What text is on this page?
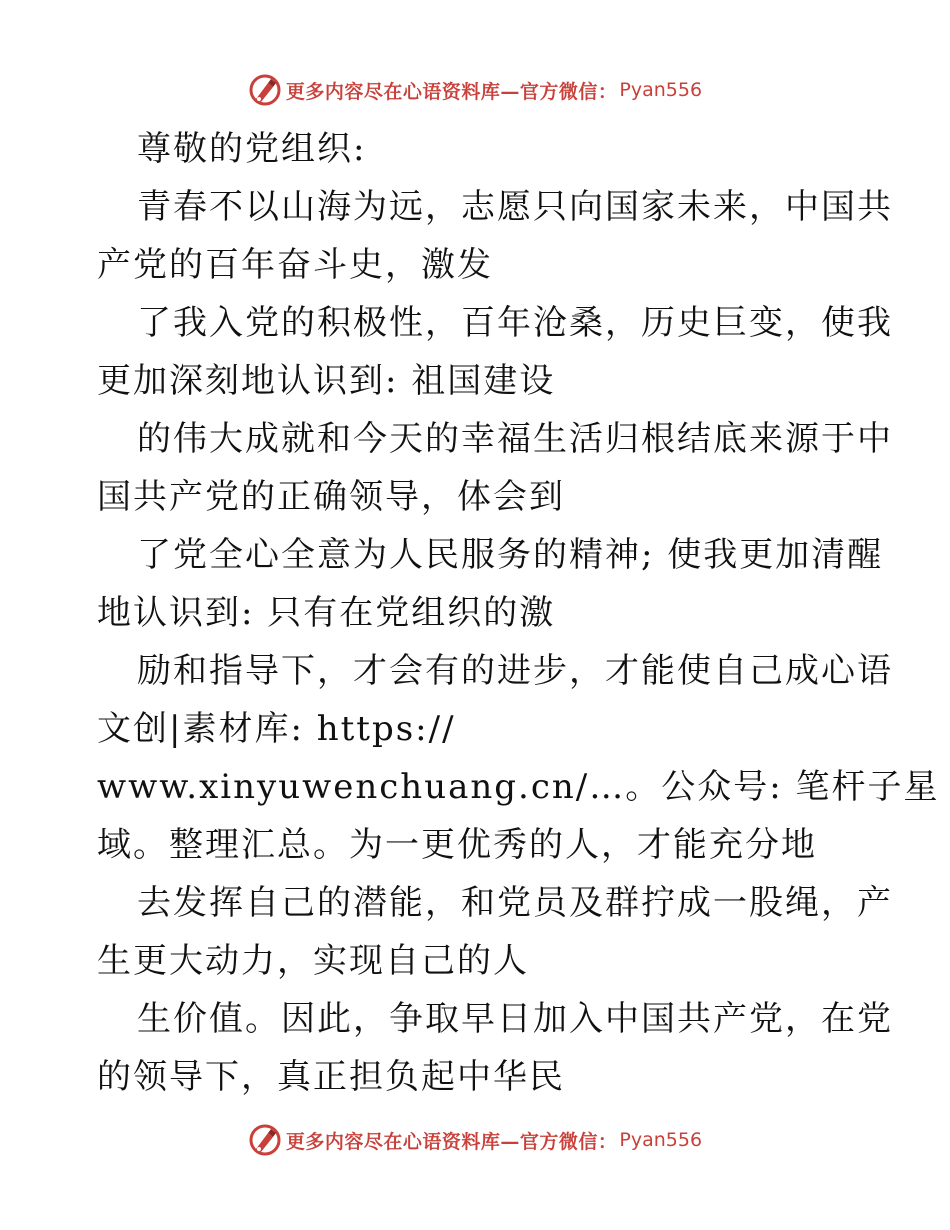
更多内容尽在心语资料库—官方微信： Pyan556
尊敬的党组织:
青春不以山海为远，志愿只向国家未来，中国共
产党的百年奋斗史，激发
了我入党的积极性，百年沧桑，历史巨变，使我
更加深刻地认识到: 祖国建设
的伟大成就和今天的幸福生活归根结底来源于中
国共产党的正确领导，体会到
了党全心全意为人民服务的精神; 使我更加清醒
地认识到: 只有在党组织的激
励和指导下，才会有的进步，才能使自己成心语
文创|素材库: https://
www.xinyuwenchuang.cn/…。公众号: 笔杆子星
域。整理汇总。为一更优秀的人，才能充分地
去发挥自己的潜能，和党员及群拧成一股绳，产
生更大动力，实现自己的人
生价值。因此，争取早日加入中国共产党，在党
的领导下，真正担负起中华民
更多内容尽在心语资料库—官方微信： Pyan556
